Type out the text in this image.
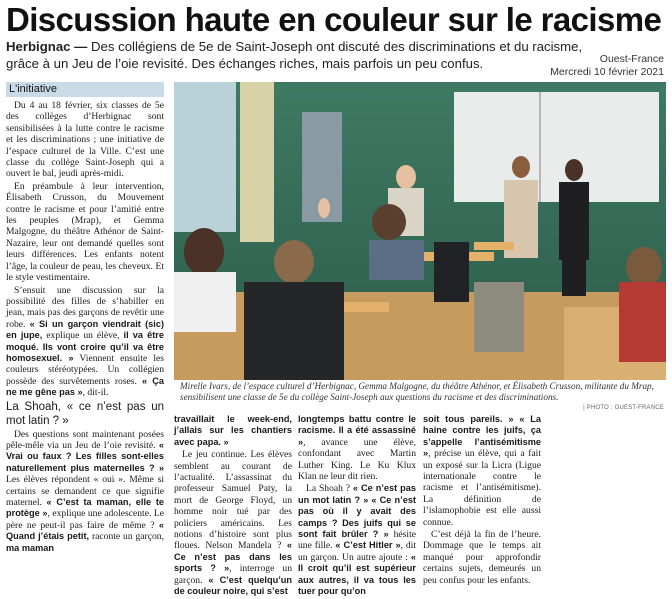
Discussion haute en couleur sur le racisme
Herbignac — Des collégiens de 5e de Saint-Joseph ont discuté des discriminations et du racisme, grâce à un Jeu de l’oie revisité. Des échanges riches, mais parfois un peu confus.	Ouest-France
Mercredi 10 février 2021
L'initiative

Du 4 au 18 février, six classes de 5e des collèges d’Herbignac sont sensibilisées à la lutte contre le racisme et les discriminations ; une initiative de l’espace culturel de la Ville. C’est une classe du collège Saint-Joseph qui a ouvert le bal, jeudi après-midi.

En préambule à leur intervention, Élisabeth Crusson, du Mouvement contre le racisme et pour l’amitié entre les peuples (Mrap), et Gemma Malgogne, du théâtre Athénor de Saint-Nazaire, leur ont demandé quelles sont leurs différences. Les enfants notent l’âge, la couleur de peau, les cheveux. Et le style vestimentaire.

S’ensuit une discussion sur la possibilité des filles de s’habiller en jean, mais pas des garçons de revêtir une robe. « Si un garçon viendrait (sic) en jupe, explique un élève, il va être moqué. Ils vont croire qu’il va être homosexuel. » Viennent ensuite les couleurs stéréotypées. Un collégien possède des survêtements roses. « Ça ne me gêne pas », dit-il.

La Shoah, « ce n’est pas un mot latin ? »

Des questions sont maintenant posées pêle-mêle via un Jeu de l’oie revisité. « Vrai ou faux ? Les filles sont-elles naturellement plus maternelles ? » Les élèves répondent « oui ». Même si certains se demandent ce que signifie maternel. « C’est ta maman, elle te protège », explique une adolescente. Le père ne peut-il pas faire de même ? « Quand j’étais petit, raconte un garçon, ma maman

Mirelle Ivars, de l’espace culturel d’Herbignac, Gemma Malgogne, du théâtre Athénor, et Élisabeth Crusson, militante du Mrap, sensibilisent une classe de 5e du collège Saint-Joseph aux questions du racisme et des discriminations.
| PHOTO : OUEST-FRANCE

travaillait le week-end, j’allais sur les chantiers avec papa. »

Le jeu continue. Les élèves semblent au courant de l’actualité. L’assassinat du professeur Samuel Paty, la mort de George Floyd, un homme noir tué par des policiers américains. Les notions d’histoire sont plus floues. Nelson Mandela ? « Ce n’est pas dans les sports ? », interroge un garçon. « C’est quelqu’un de couleur noire, qui s’est

longtemps battu contre le racisme. Il a été assassiné », avance une élève, confondant avec Martin Luther King. Le Ku Klux Klan ne leur dit rien.

La Shoah ? « Ce n’est pas un mot latin ? » « Ce n’est pas où il y avait des camps ? Des juifs qui se sont fait brûler ? » hésite une fille. « C’est Hitler », dit un garçon. Un autre ajoute : « Il croit qu’il est supérieur aux autres, il va tous les tuer pour qu’on

soit tous pareils. » « La haine contre les juifs, ça s’appelle l’antisémitisme », précise un élève, qui a fait un exposé sur la Licra (Ligue internationale contre le racisme et l’antisémitisme). La définition de l’islamophobie est elle aussi connue.

C’est déjà la fin de l’heure. Dommage que le temps ait manqué pour approfondir certains sujets, demeurés un peu confus pour les enfants.
